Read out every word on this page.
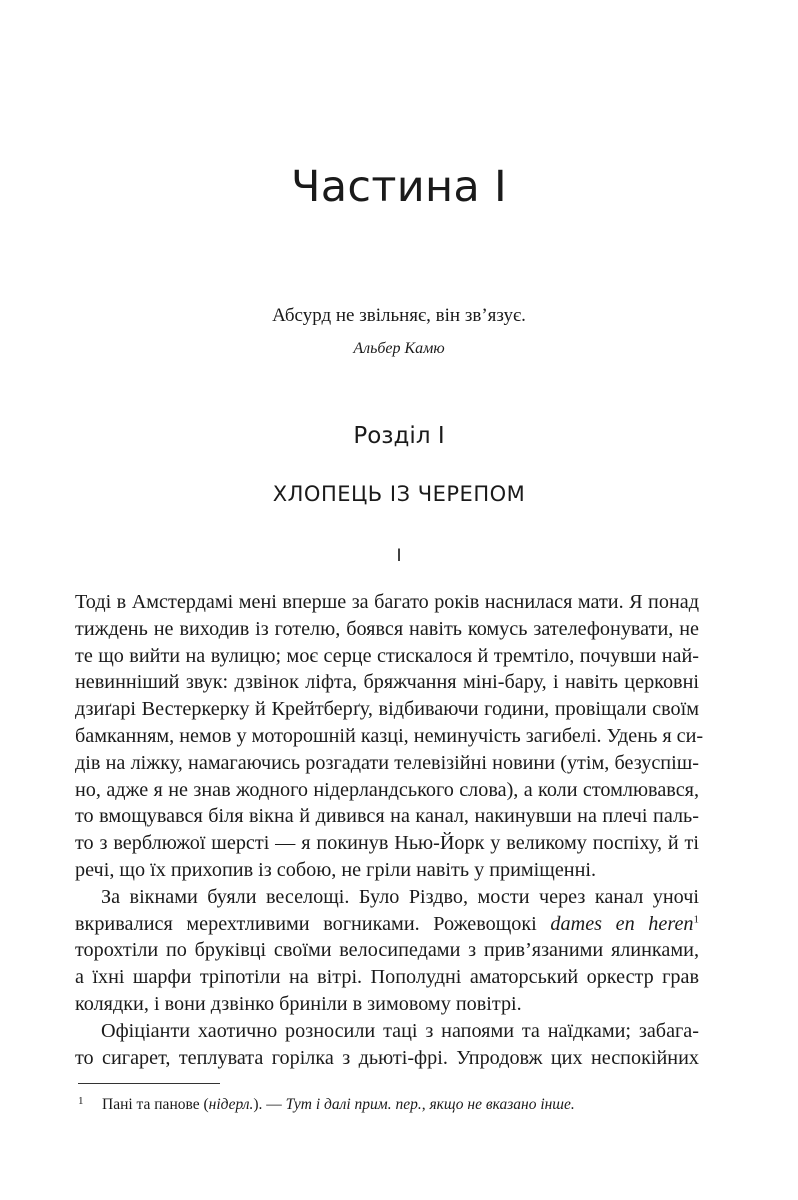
Частина I
Абсурд не звільняє, він зв’язує.
Альбер Камю
Розділ I
ХЛОПЕЦЬ ІЗ ЧЕРЕПОМ
I
Тоді в Амстердамі мені вперше за багато років наснилася мати. Я понад
тиждень не виходив із готелю, боявся навіть комусь зателефонувати, не
те що вийти на вулицю; моє серце стискалося й тремтіло, почувши най-
невинніший звук: дзвінок ліфта, бряжчання міні-бару, і навіть церковні
дзиґарі Вестеркерку й Крейтберґу, відбиваючи години, провіщали своїм
бамканням, немов у моторошній казці, неминучість загибелі. Удень я си-
дів на ліжку, намагаючись розгадати телевізійні новини (утім, безуспіш-
но, адже я не знав жодного нідерландського слова), а коли стомлювався,
то вмощувався біля вікна й дивився на канал, накинувши на плечі паль-
то з верблюжої шерсті — я покинув Нью-Йорк у великому поспіху, й ті
речі, що їх прихопив із собою, не гріли навіть у приміщенні.
За вікнами буяли веселощі. Було Різдво, мости через канал уночі
вкривалися мерехтливими вогниками. Рожевощокі dames en heren$^1$
торохтіли по бруківці своїми велосипедами з прив’язаними ялинками,
а їхні шарфи тріпотіли на вітрі. Пополудні аматорський оркестр грав
колядки, і вони дзвінко бриніли в зимовому повітрі.
Офіціанти хаотично розносили таці з напоями та наїдками; забага-
то сигарет, теплувата горілка з дьюті-фрі. Упродовж цих неспокійних
1 Пані та панове (нідерл.). — Тут і далі прим. пер., якщо не вказано інше.
